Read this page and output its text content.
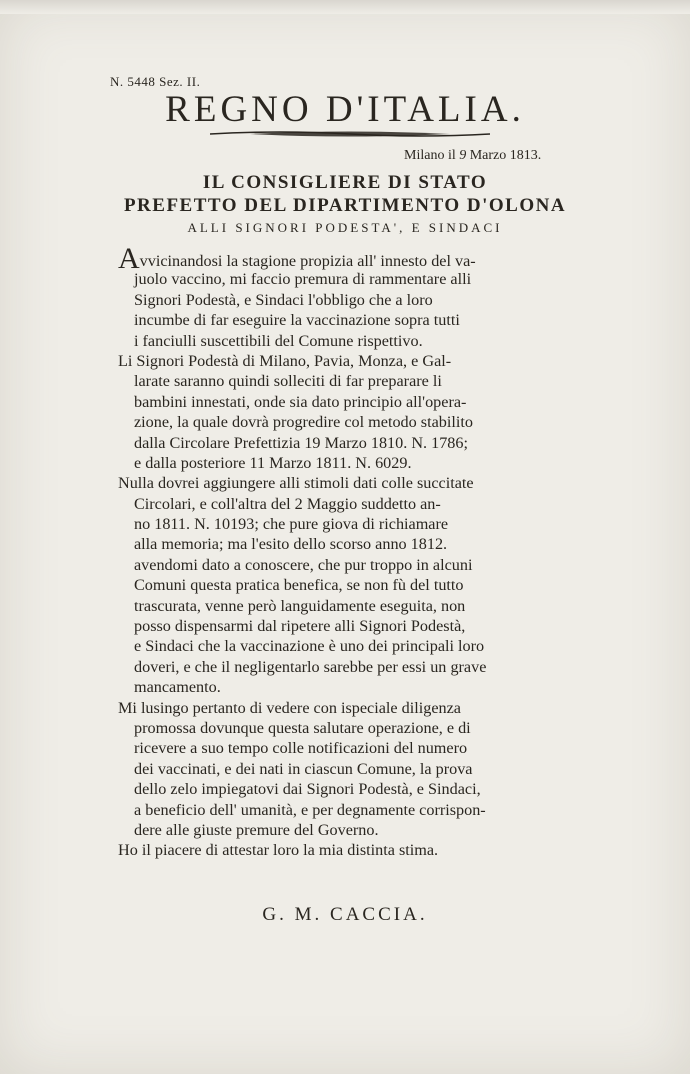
N. 5448 Sez. II.
REGNO D'ITALIA.
Milano il 9 Marzo 1813.
IL CONSIGLIERE DI STATO
PREFETTO DEL DIPARTIMENTO D'OLONA
ALLI SIGNORI PODESTA', E SINDACI
Avvicinandosi la stagione propizia all' innesto del va-
juolo vaccino, mi faccio premura di rammentare alli
Signori Podestà, e Sindaci l'obbligo che a loro
incumbe di far eseguire la vaccinazione sopra tutti
i fanciulli suscettibili del Comune rispettivo.
Li Signori Podestà di Milano, Pavia, Monza, e Gal-
larate saranno quindi solleciti di far preparare li
bambini innestati, onde sia dato principio all'opera-
zione, la quale dovrà progredire col metodo stabilito
dalla Circolare Prefettizia 19 Marzo 1810. N. 1786;
e dalla posteriore 11 Marzo 1811. N. 6029.
Nulla dovrei aggiungere alli stimoli dati colle succitate
Circolari, e coll'altra del 2 Maggio suddetto an-
no 1811. N. 10193; che pure giova di richiamare
alla memoria; ma l'esito dello scorso anno 1812.
avendomi dato a conoscere, che pur troppo in alcuni
Comuni questa pratica benefica, se non fù del tutto
trascurata, venne però languidamente eseguita, non
posso dispensarmi dal ripetere alli Signori Podestà,
e Sindaci che la vaccinazione è uno dei principali loro
doveri, e che il negligentarlo sarebbe per essi un grave
mancamento.
Mi lusingo pertanto di vedere con ispeciale diligenza
promossa dovunque questa salutare operazione, e di
ricevere a suo tempo colle notificazioni del numero
dei vaccinati, e dei nati in ciascun Comune, la prova
dello zelo impiegatovi dai Signori Podestà, e Sindaci,
a beneficio dell' umanità, e per degnamente corrispon-
dere alle giuste premure del Governo.
Ho il piacere di attestar loro la mia distinta stima.
G. M. CACCIA.
